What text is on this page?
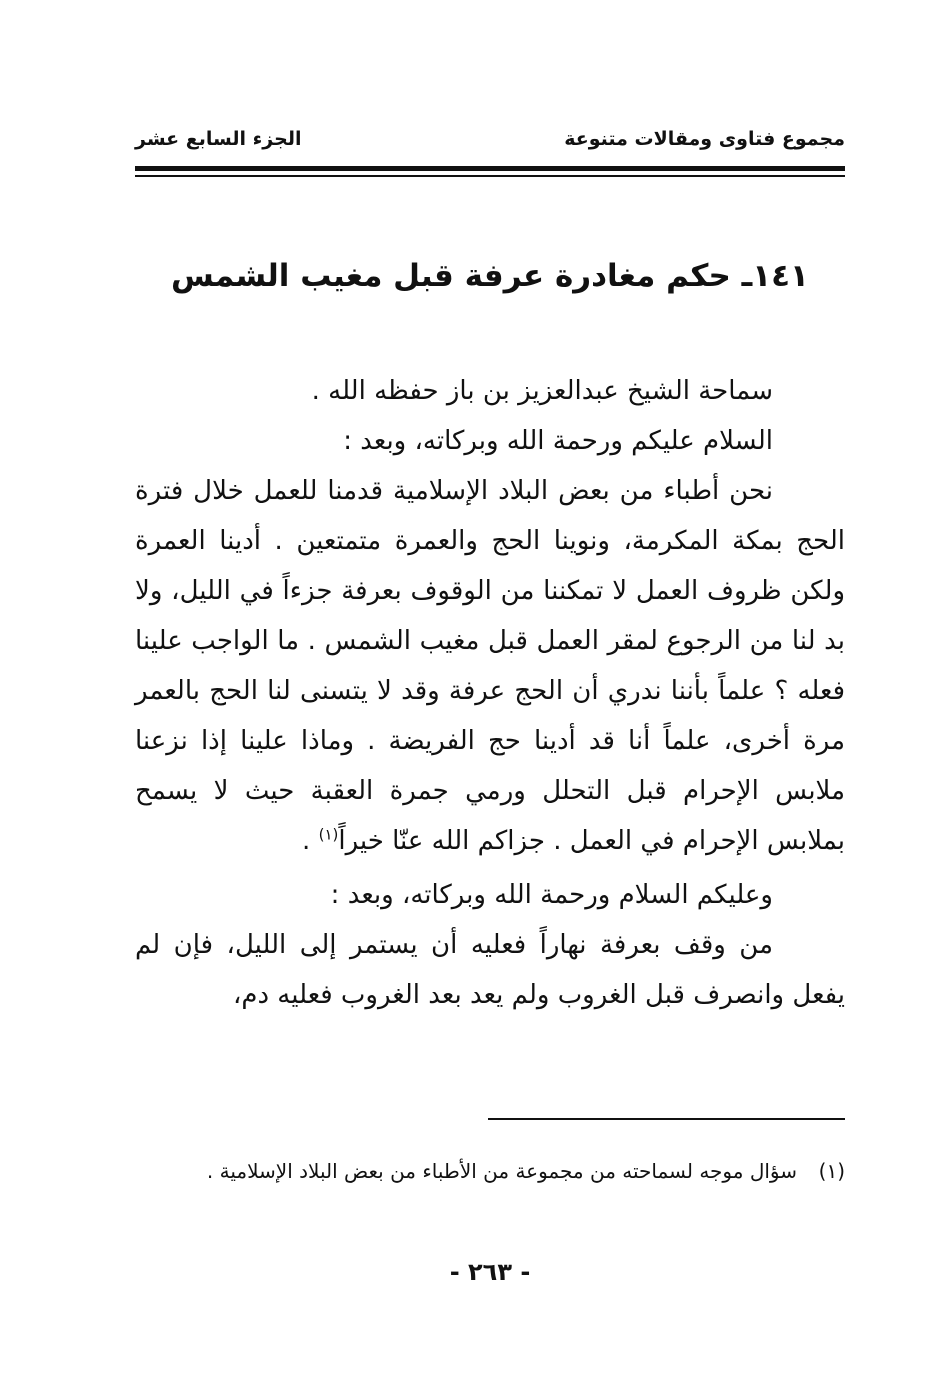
مجموع فتاوى ومقالات متنوعة
الجزء السابع عشر
١٤١ـ حكم مغادرة عرفة قبل مغيب الشمس

سماحة الشيخ عبدالعزيز بن باز حفظه الله .

السلام عليكم ورحمة الله وبركاته، وبعد :

نحن أطباء من بعض البلاد الإسلامية قدمنا للعمل خلال فترة الحج بمكة المكرمة، ونوينا الحج والعمرة متمتعين . أدينا العمرة ولكن ظروف العمل لا تمكننا من الوقوف بعرفة جزءاً في الليل، ولا بد لنا من الرجوع لمقر العمل قبل مغيب الشمس . ما الواجب علينا فعله ؟ علماً بأننا ندري أن الحج عرفة وقد لا يتسنى لنا الحج بالعمر مرة أخرى، علماً أنا قد أدينا حج الفريضة . وماذا علينا إذا نزعنا ملابس الإحرام قبل التحلل ورمي جمرة العقبة حيث لا يسمح بملابس الإحرام في العمل . جزاكم الله عنّا خيراً$^{(١)}$ .

وعليكم السلام ورحمة الله وبركاته، وبعد :

من وقف بعرفة نهاراً فعليه أن يستمر إلى الليل، فإن لم يفعل وانصرف قبل الغروب ولم يعد بعد الغروب فعليه دم،

(١)سؤال موجه لسماحته من مجموعة من الأطباء من بعض البلاد الإسلامية .
- ٢٦٣ -
